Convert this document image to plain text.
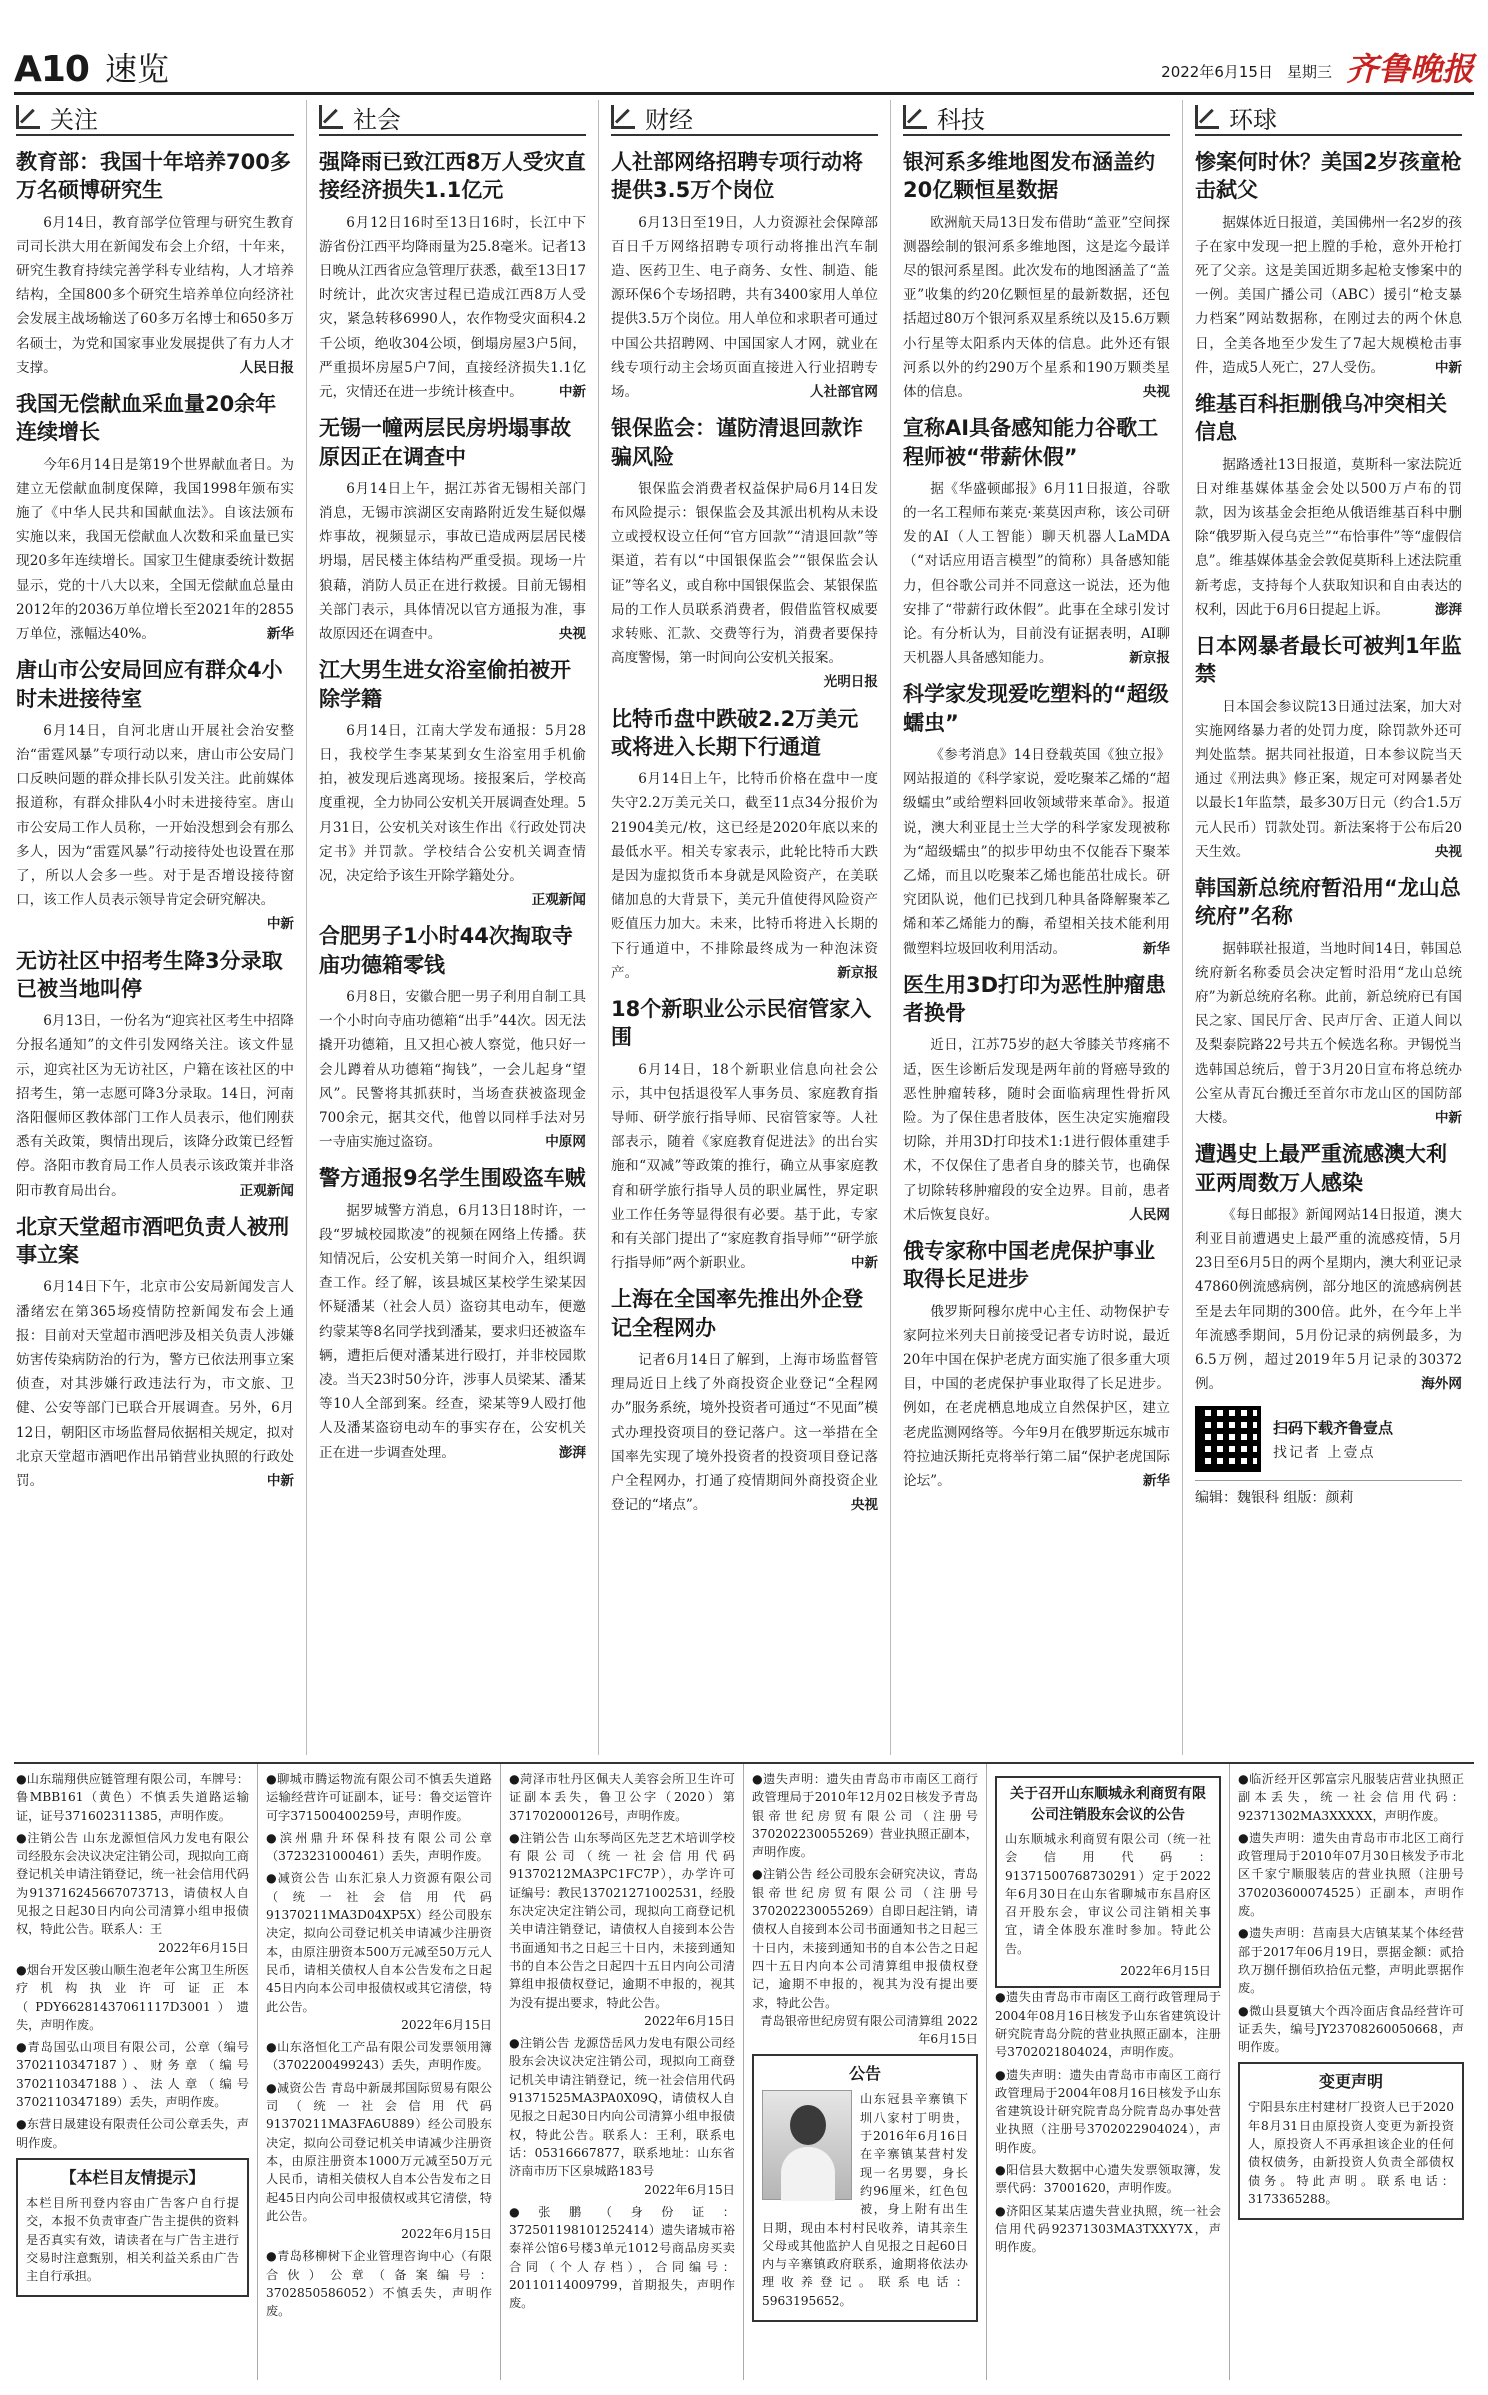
A10 速览	2022年6月15日 星期三 齐鲁晚报
关注
教育部：我国十年培养700多万名硕博研究生
6月14日，教育部学位管理与研究生教育司司长洪大用在新闻发布会上介绍，十年来，研究生教育持续完善学科专业结构，人才培养结构，全国800多个研究生培养单位向经济社会发展主战场输送了60多万名博士和650多万名硕士，为党和国家事业发展提供了有力人才支撑。	人民日报
我国无偿献血采血量20余年连续增长
今年6月14日是第19个世界献血者日。为建立无偿献血制度保障，我国1998年颁布实施了《中华人民共和国献血法》。自该法颁布实施以来，我国无偿献血人次数和采血量已实现20多年连续增长。国家卫生健康委统计数据显示，党的十八大以来，全国无偿献血总量由2012年的2036万单位增长至2021年的2855万单位，涨幅达40%。	新华
唐山市公安局回应有群众4小时未进接待室
6月14日，自河北唐山开展社会治安整治“雷霆风暴”专项行动以来，唐山市公安局门口反映问题的群众排长队引发关注。此前媒体报道称，有群众排队4小时未进接待室。唐山市公安局工作人员称，一开始没想到会有那么多人，因为“雷霆风暴”行动接待处也设置在那了，所以人会多一些。对于是否增设接待窗口，该工作人员表示领导肯定会研究解决。
中新
无访社区中招考生降3分录取已被当地叫停
6月13日，一份名为“迎宾社区考生中招降分报名通知”的文件引发网络关注。该文件显示，迎宾社区为无访社区，户籍在该社区的中招考生，第一志愿可降3分录取。14日，河南洛阳偃师区教体部门工作人员表示，他们刚获悉有关政策，舆情出现后，该降分政策已经暂停。洛阳市教育局工作人员表示该政策并非洛阳市教育局出台。	正观新闻
北京天堂超市酒吧负责人被刑事立案
6月14日下午，北京市公安局新闻发言人潘绪宏在第365场疫情防控新闻发布会上通报：目前对天堂超市酒吧涉及相关负责人涉嫌妨害传染病防治的行为，警方已依法刑事立案侦查，对其涉嫌行政违法行为，市文旅、卫健、公安等部门已联合开展调查。另外，6月12日，朝阳区市场监督局依据相关规定，拟对北京天堂超市酒吧作出吊销营业执照的行政处罚。	中新
社会
强降雨已致江西8万人受灾直接经济损失1.1亿元
6月12日16时至13日16时，长江中下游省份江西平均降雨量为25.8毫米。记者13日晚从江西省应急管理厅获悉，截至13日17时统计，此次灾害过程已造成江西8万人受灾，紧急转移6990人，农作物受灾面积4.2千公顷，绝收304公顷，倒塌房屋3户5间，严重损坏房屋5户7间，直接经济损失1.1亿元，灾情还在进一步统计核查中。	中新
无锡一幢两层民房坍塌事故原因正在调查中
6月14日上午，据江苏省无锡相关部门消息，无锡市滨湖区安南路附近发生疑似爆炸事故，视频显示，事故已造成两层居民楼坍塌，居民楼主体结构严重受损。现场一片狼藉，消防人员正在进行救援。目前无锡相关部门表示，具体情况以官方通报为准，事故原因还在调查中。	央视
江大男生进女浴室偷拍被开除学籍
6月14日，江南大学发布通报：5月28日，我校学生李某某到女生浴室用手机偷拍，被发现后逃离现场。接报案后，学校高度重视，全力协同公安机关开展调查处理。5月31日，公安机关对该生作出《行政处罚决定书》并罚款。学校结合公安机关调查情况，决定给予该生开除学籍处分。
正观新闻
合肥男子1小时44次掏取寺庙功德箱零钱
6月8日，安徽合肥一男子利用自制工具一个小时向寺庙功德箱“出手”44次。因无法撬开功德箱，且又担心被人察觉，他只好一会儿蹲着从功德箱“掏钱”，一会儿起身“望风”。民警将其抓获时，当场查获被盗现金700余元，据其交代，他曾以同样手法对另一寺庙实施过盗窃。	中原网
警方通报9名学生围殴盗车贼
据罗城警方消息，6月13日18时许，一段“罗城校园欺凌”的视频在网络上传播。获知情况后，公安机关第一时间介入，组织调查工作。经了解，该县城区某校学生梁某因怀疑潘某（社会人员）盗窃其电动车，便邀约蒙某等8名同学找到潘某，要求归还被盗车辆，遭拒后便对潘某进行殴打，并非校园欺凌。当天23时50分许，涉事人员梁某、潘某等10人全部到案。经查，梁某等9人殴打他人及潘某盗窃电动车的事实存在，公安机关正在进一步调查处理。	澎湃
财经
人社部网络招聘专项行动将提供3.5万个岗位
6月13日至19日，人力资源社会保障部百日千万网络招聘专项行动将推出汽车制造、医药卫生、电子商务、女性、制造、能源环保6个专场招聘，共有3400家用人单位提供3.5万个岗位。用人单位和求职者可通过中国公共招聘网、中国国家人才网，就业在线专项行动主会场页面直接进入行业招聘专场。	人社部官网
银保监会：谨防清退回款诈骗风险
银保监会消费者权益保护局6月14日发布风险提示：银保监会及其派出机构从未设立或授权设立任何“官方回款”“清退回款”等渠道，若有以“中国银保监会”“银保监会认证”等名义，或自称中国银保监会、某银保监局的工作人员联系消费者，假借监管权威要求转账、汇款、交费等行为，消费者要保持高度警惕，第一时间向公安机关报案。
光明日报
比特币盘中跌破2.2万美元或将进入长期下行通道
6月14日上午，比特币价格在盘中一度失守2.2万美元关口，截至11点34分报价为21904美元/枚，这已经是2020年底以来的最低水平。相关专家表示，此轮比特币大跌是因为虚拟货币本身就是风险资产，在美联储加息的大背景下，美元升值使得风险资产贬值压力加大。未来，比特币将进入长期的下行通道中，不排除最终成为一种泡沫资产。	新京报
18个新职业公示民宿管家入围
6月14日，18个新职业信息向社会公示，其中包括退役军人事务员、家庭教育指导师、研学旅行指导师、民宿管家等。人社部表示，随着《家庭教育促进法》的出台实施和“双减”等政策的推行，确立从事家庭教育和研学旅行指导人员的职业属性，界定职业工作任务等显得很有必要。基于此，专家和有关部门提出了“家庭教育指导师”“研学旅行指导师”两个新职业。	中新
上海在全国率先推出外企登记全程网办
记者6月14日了解到，上海市场监督管理局近日上线了外商投资企业登记“全程网办”服务系统，境外投资者可通过“不见面”模式办理投资项目的登记落户。这一举措在全国率先实现了境外投资者的投资项目登记落户全程网办，打通了疫情期间外商投资企业登记的“堵点”。	央视
科技
银河系多维地图发布涵盖约20亿颗恒星数据
欧洲航天局13日发布借助“盖亚”空间探测器绘制的银河系多维地图，这是迄今最详尽的银河系星图。此次发布的地图涵盖了“盖亚”收集的约20亿颗恒星的最新数据，还包括超过80万个银河系双星系统以及15.6万颗小行星等太阳系内天体的信息。此外还有银河系以外的约290万个星系和190万颗类星体的信息。	央视
宣称AI具备感知能力谷歌工程师被“带薪休假”
据《华盛顿邮报》6月11日报道，谷歌的一名工程师布莱克·莱莫因声称，该公司研发的AI（人工智能）聊天机器人LaMDA（“对话应用语言模型”的简称）具备感知能力，但谷歌公司并不同意这一说法，还为他安排了“带薪行政休假”。此事在全球引发讨论。有分析认为，目前没有证据表明，AI聊天机器人具备感知能力。	新京报
科学家发现爱吃塑料的“超级蠕虫”
《参考消息》14日登载英国《独立报》网站报道的《科学家说，爱吃聚苯乙烯的“超级蠕虫”或给塑料回收领域带来革命》。报道说，澳大利亚昆士兰大学的科学家发现被称为“超级蠕虫”的拟步甲幼虫不仅能吞下聚苯乙烯，而且以吃聚苯乙烯也能茁壮成长。研究团队说，他们已找到几种具备降解聚苯乙烯和苯乙烯能力的酶，希望相关技术能利用微塑料垃圾回收利用活动。	新华
医生用3D打印为恶性肿瘤患者换骨
近日，江苏75岁的赵大爷膝关节疼痛不适，医生诊断后发现是两年前的肾癌导致的恶性肿瘤转移，随时会面临病理性骨折风险。为了保住患者肢体，医生决定实施瘤段切除，并用3D打印技术1:1进行假体重建手术，不仅保住了患者自身的膝关节，也确保了切除转移肿瘤段的安全边界。目前，患者术后恢复良好。	人民网
俄专家称中国老虎保护事业取得长足进步
俄罗斯阿穆尔虎中心主任、动物保护专家阿拉米列夫日前接受记者专访时说，最近20年中国在保护老虎方面实施了很多重大项目，中国的老虎保护事业取得了长足进步。例如，在老虎栖息地成立自然保护区，建立老虎监测网络等。今年9月在俄罗斯远东城市符拉迪沃斯托克将举行第二届“保护老虎国际论坛”。	新华
环球
惨案何时休？美国2岁孩童枪击弑父
据媒体近日报道，美国佛州一名2岁的孩子在家中发现一把上膛的手枪，意外开枪打死了父亲。这是美国近期多起枪支惨案中的一例。美国广播公司（ABC）援引“枪支暴力档案”网站数据称，在刚过去的两个休息日，全美各地至少发生了7起大规模枪击事件，造成5人死亡，27人受伤。	中新
维基百科拒删俄乌冲突相关信息
据路透社13日报道，莫斯科一家法院近日对维基媒体基金会处以500万卢布的罚款，因为该基金会拒绝从俄语维基百科中删除“俄罗斯入侵乌克兰”“布恰事件”等“虚假信息”。维基媒体基金会敦促莫斯科上述法院重新考虑，支持每个人获取知识和自由表达的权利，因此于6月6日提起上诉。	澎湃
日本网暴者最长可被判1年监禁
日本国会参议院13日通过法案，加大对实施网络暴力者的处罚力度，除罚款外还可判处监禁。据共同社报道，日本参议院当天通过《刑法典》修正案，规定可对网暴者处以最长1年监禁，最多30万日元（约合1.5万元人民币）罚款处罚。新法案将于公布后20天生效。	央视
韩国新总统府暂沿用“龙山总统府”名称
据韩联社报道，当地时间14日，韩国总统府新名称委员会决定暂时沿用“龙山总统府”为新总统府名称。此前，新总统府已有国民之家、国民厅舍、民声厅舍、正道人间以及梨泰院路22号共五个候选名称。尹锡悦当选韩国总统后，曾于3月20日宣布将总统办公室从青瓦台搬迁至首尔市龙山区的国防部大楼。	中新
遭遇史上最严重流感澳大利亚两周数万人感染
《每日邮报》新闻网站14日报道，澳大利亚目前遭遇史上最严重的流感疫情，5月23日至6月5日的两个星期内，澳大利亚记录47860例流感病例，部分地区的流感病例甚至是去年同期的300倍。此外，在今年上半年流感季期间，5月份记录的病例最多，为6.5万例，超过2019年5月记录的30372例。	海外网
扫码下载齐鲁壹点
找记者 上壹点
编辑：魏银科 组版：颜莉
●山东瑞翔供应链管理有限公司，车牌号：鲁MBB161（黄色）不慎丢失道路运输证，证号371602311385，声明作废。
●注销公告 山东龙源恒信风力发电有限公司经股东会决议决定注销公司，现拟向工商登记机关申请注销登记，统一社会信用代码为913716245667073713，请债权人自见报之日起30日内向公司清算小组申报债权，特此公告。联系人：王
2022年6月15日
●烟台开发区骏山顺生泡老年公寓卫生所医疗机构执业许可证正本（PDY66281437061117D3001）遗失，声明作废。
●青岛国弘山项目有限公司，公章（编号3702110347187）、财务章（编号3702110347188）、法人章（编号3702110347189）丢失，声明作废。
●东营日晟建设有限责任公司公章丢失，声明作废。
【本栏目友情提示】
本栏目所刊登内容由广告客户自行提交，本报不负责审查广告主提供的资料是否真实有效，请读者在与广告主进行交易时注意甄别，相关利益关系由广告主自行承担。
●聊城市腾运物流有限公司不慎丢失道路运输经营许可证副本，证号：鲁交运管许可字371500400259号，声明作废。
●滨州鼎升环保科技有限公司公章（3723231000461）丢失，声明作废。
●减资公告 山东汇泉人力资源有限公司（统一社会信用代码91370211MA3D04XP5X）经公司股东决定，拟向公司登记机关申请减少注册资本，由原注册资本500万元减至50万元人民币，请相关债权人自本公告发布之日起45日内向本公司申报债权或其它清偿，特此公告。
2022年6月15日
●山东洛恒化工产品有限公司发票领用簿（3702200499243）丢失，声明作废。
●减资公告 青岛中新晟邦国际贸易有限公司（统一社会信用代码91370211MA3FA6U889）经公司股东决定，拟向公司登记机关申请减少注册资本，由原注册资本1000万元减至50万元人民币，请相关债权人自本公告发布之日起45日内向公司申报债权或其它清偿，特此公告。
2022年6月15日
●青岛移柳树下企业管理咨询中心（有限合伙）公章（备案编号：3702850586052）不慎丢失，声明作废。
●菏泽市牡丹区佩夫人美容会所卫生许可证副本丢失，鲁卫公字（2020）第371702000126号，声明作废。
●注销公告 山东琴尚区先芝艺术培训学校有限公司（统一社会信用代码91370212MA3PC1FC7P），办学许可证编号：教民137021271002531，经股东决定决定注销公司，现拟向工商登记机关申请注销登记，请债权人自接到本公告书面通知书之日起三十日内，未接到通知书的自本公告之日起四十五日内向公司清算组申报债权登记，逾期不申报的，视其为没有提出要求，特此公告。
2022年6月15日
●注销公告 龙源岱岳风力发电有限公司经股东会决议决定注销公司，现拟向工商登记机关申请注销登记，统一社会信用代码91371525MA3PA0X09Q，请债权人自见报之日起30日内向公司清算小组申报债权，特此公告。联系人：王利，联系电话：05316667877，联系地址：山东省济南市历下区泉城路183号
2022年6月15日
●张鹏（身份证：372501198101252414）遗失诸城市裕泰祥公馆6号楼3单元1012号商品房买卖合同（个人存档），合同编号：20110114009799，首期报失，声明作废。
●遗失声明：遗失由青岛市市南区工商行政管理局于2010年12月02日核发予青岛银帝世纪房贸有限公司（注册号370202230055269）营业执照正副本，声明作废。
●注销公告 经公司股东会研究决议，青岛银帝世纪房贸有限公司（注册号370202230055269）自即日起注销，请债权人自接到本公司书面通知书之日起三十日内，未接到通知书的自本公告之日起四十五日内向本公司清算组申报债权登记，逾期不申报的，视其为没有提出要求，特此公告。
青岛银帝世纪房贸有限公司清算组 2022年6月15日
公告
山东冠县辛寨镇下圳八家村丁明贵，于2016年6月16日在辛寨镇某营村发现一名男婴，身长约96厘米，红色包被，身上附有出生日期，现由本村村民收养，请其亲生父母或其他监护人自见报之日起60日内与辛寨镇政府联系，逾期将依法办理收养登记。联系电话：5963195652。
关于召开山东顺城永利商贸有限公司注销股东会议的公告
山东顺城永利商贸有限公司（统一社会信用代码：91371500768730291）定于2022年6月30日在山东省聊城市东昌府区召开股东会，审议公司注销相关事宜，请全体股东准时参加。特此公告。
2022年6月15日
●遗失由青岛市市南区工商行政管理局于2004年08月16日核发予山东省建筑设计研究院青岛分院的营业执照正副本，注册号3702021804024，声明作废。
●遗失声明：遗失由青岛市市南区工商行政管理局于2004年08月16日核发予山东省建筑设计研究院青岛分院青岛办事处营业执照（注册号3702022904024），声明作废。
●阳信县大数据中心遗失发票领取簿，发票代码：37001620，声明作废。
●济阳区某某店遗失营业执照，统一社会信用代码92371303MA3TXXY7X，声明作废。
●临沂经开区郭富宗凡服装店营业执照正副本丢失，统一社会信用代码：92371302MA3XXXXX，声明作废。
●遗失声明：遗失由青岛市市北区工商行政管理局于2010年07月30日核发予市北区千家宁顺服装店的营业执照（注册号370203600074525）正副本，声明作废。
●遗失声明：莒南县大店镇某某个体经营部于2017年06月19日，票据金额：贰拾玖万捌仟捌佰玖拾伍元整，声明此票据作废。
●微山县夏镇大个西冷面店食品经营许可证丢失，编号JY23708260050668，声明作废。
变更声明
宁阳县东庄村建材厂投资人已于2020年8月31日由原投资人变更为新投资人，原投资人不再承担该企业的任何债权债务，由新投资人负责全部债权债务。特此声明。联系电话：3173365288。
